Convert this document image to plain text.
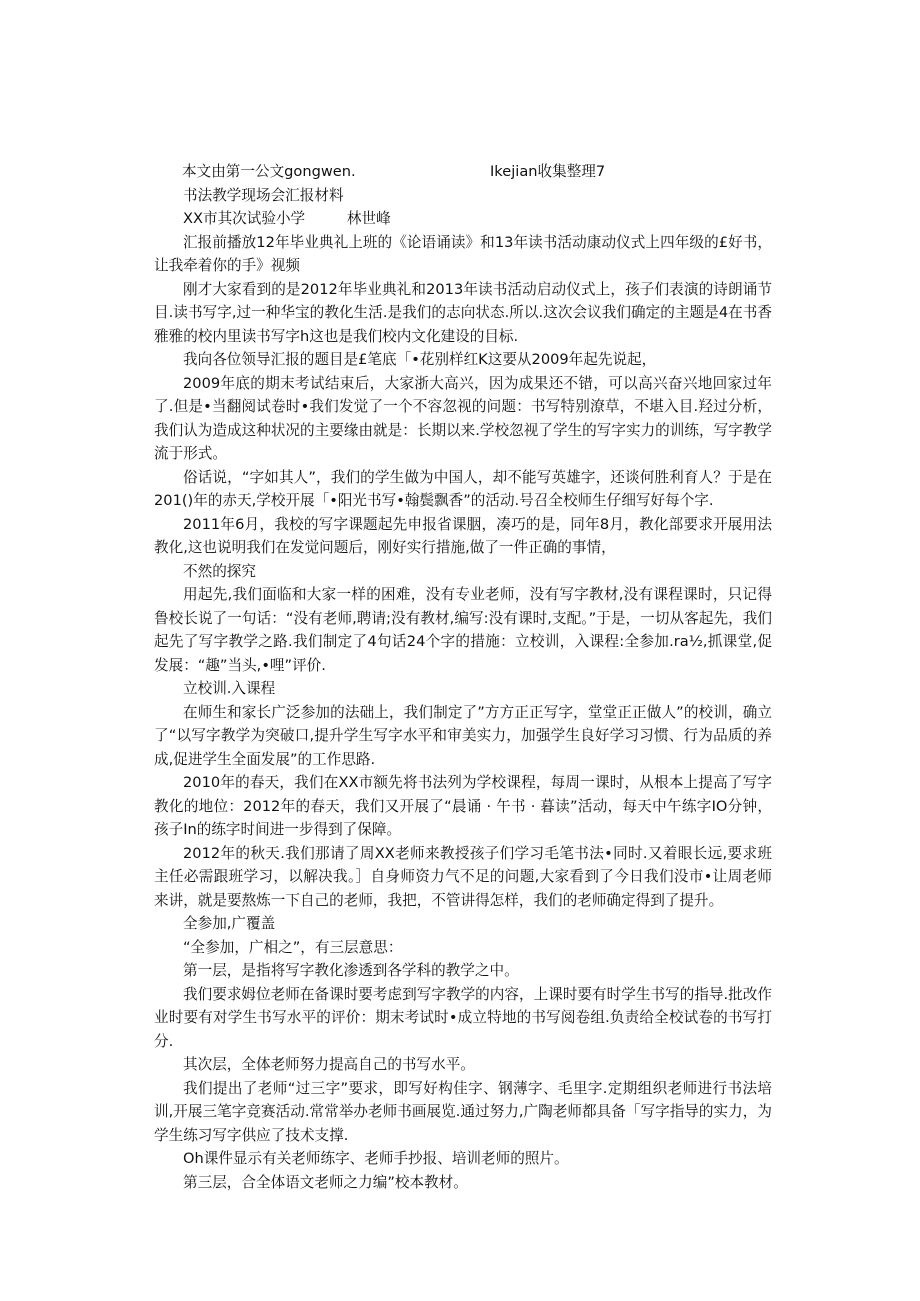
本文由第一公文gongwen.	Ikejian收集整理7

书法教学现场会汇报材料

XX市其次试验小学         林世峰

汇报前播放12年毕业典礼上班的《论语诵读》和13年读书活动康动仪式上四年级的£好书，让我牵着你的手》视频

刚才大家看到的是2012年毕业典礼和2013年读书活动启动仪式上，孩子们表演的诗朗诵节目.读书写字,过一种华宝的教化生活.是我们的志向状态.所以.这次会议我们确定的主题是4在书香雅雅的校内里读书写字h这也是我们校内文化建设的目标.

我向各位领导汇报的题目是£笔底「•花别样红K这要从2009年起先说起，

2009年底的期末考试结束后，大家浙大高兴，因为成果还不错，可以高兴奋兴地回家过年了.但是•当翻阅试卷时•我们发觉了一个不容忽视的问题：书写特别潦草，不堪入目.羟过分析，我们认为造成这种状况的主要缘由就是：长期以来.学校忽视了学生的写字实力的训练，写字教学流于形式。

俗话说，“字如其人”，我们的学生做为中国人，却不能写英雄字，还谈何胜利育人？于是在201()年的赤天,学校开展「•阳光书写•翰鬓飘香”的活动.号召全校师生仔细写好每个字.

2011年6月，我校的写字课题起先申报省课胭，凑巧的是，同年8月，教化部要求开展用法教化,这也说明我们在发觉问题后，刚好实行措施,做了一件正确的事情，

不然的探究

用起先,我们面临和大家一样的困难，没有专业老师，没有写字教材,没有课程课时，只记得鲁校长说了一句话：“没有老师,聘请;没有教材,编写:没有课时,支配。”于是，一切从客起先，我们起先了写字教学之路.我们制定了4句话24个字的措施：立校训，入课程:全参加.ra½,抓课堂,促发展：“趣”当头,•哩”评价.

立校训.入课程

在师生和家长广泛参加的法础上，我们制定了”方方正正写字，堂堂正正做人”的校训，确立了“以写字教学为突破口,提升学生写字水平和审美实力，加强学生良好学习习惯、行为品质的养成,促进学生全面发展”的工作思路.

2010年的春天，我们在XX市额先将书法列为学校课程，每周一课时，从根本上提高了写字教化的地位：2012年的春天，我们又开展了“晨诵 · 午书 · 暮读”活动，每天中午练字IO分钟，孩子In的练字时间进一步得到了保障。

2012年的秋天.我们那请了周XX老师来教授孩子们学习毛笔书法•同时.又着眼长远,要求班主任必需跟班学习，以解决我。］自身师资力气不足的问题,大家看到了今日我们没市•让周老师来讲，就是要熬炼一下自己的老师，我把，不管讲得怎样，我们的老师确定得到了提升。

全参加,广覆盖

“全参加，广相之”，有三层意思：

第一层，是指将写字教化渗透到各学科的教学之中。

我们要求姆位老师在备课时要考虑到写字教学的内容，上课时要有时学生书写的指导.批改作业时要有对学生书写水平的评价：期末考试时•成立特地的书写阅卷组.负责给全校试卷的书写打分.

其次层，全体老师努力提高自己的书写水平。

我们提出了老师“过三字”要求，即写好构佳字、钢薄字、毛里字.定期组织老师进行书法培训,开展三笔字竞赛活动.常常举办老师书画展览.通过努力,广陶老师都具备「写字指导的实力，为学生练习写字供应了技术支撑.

Oh课件显示有关老师练字、老师手抄报、培训老师的照片。

第三层，合全体语文老师之力编”校本教材。
